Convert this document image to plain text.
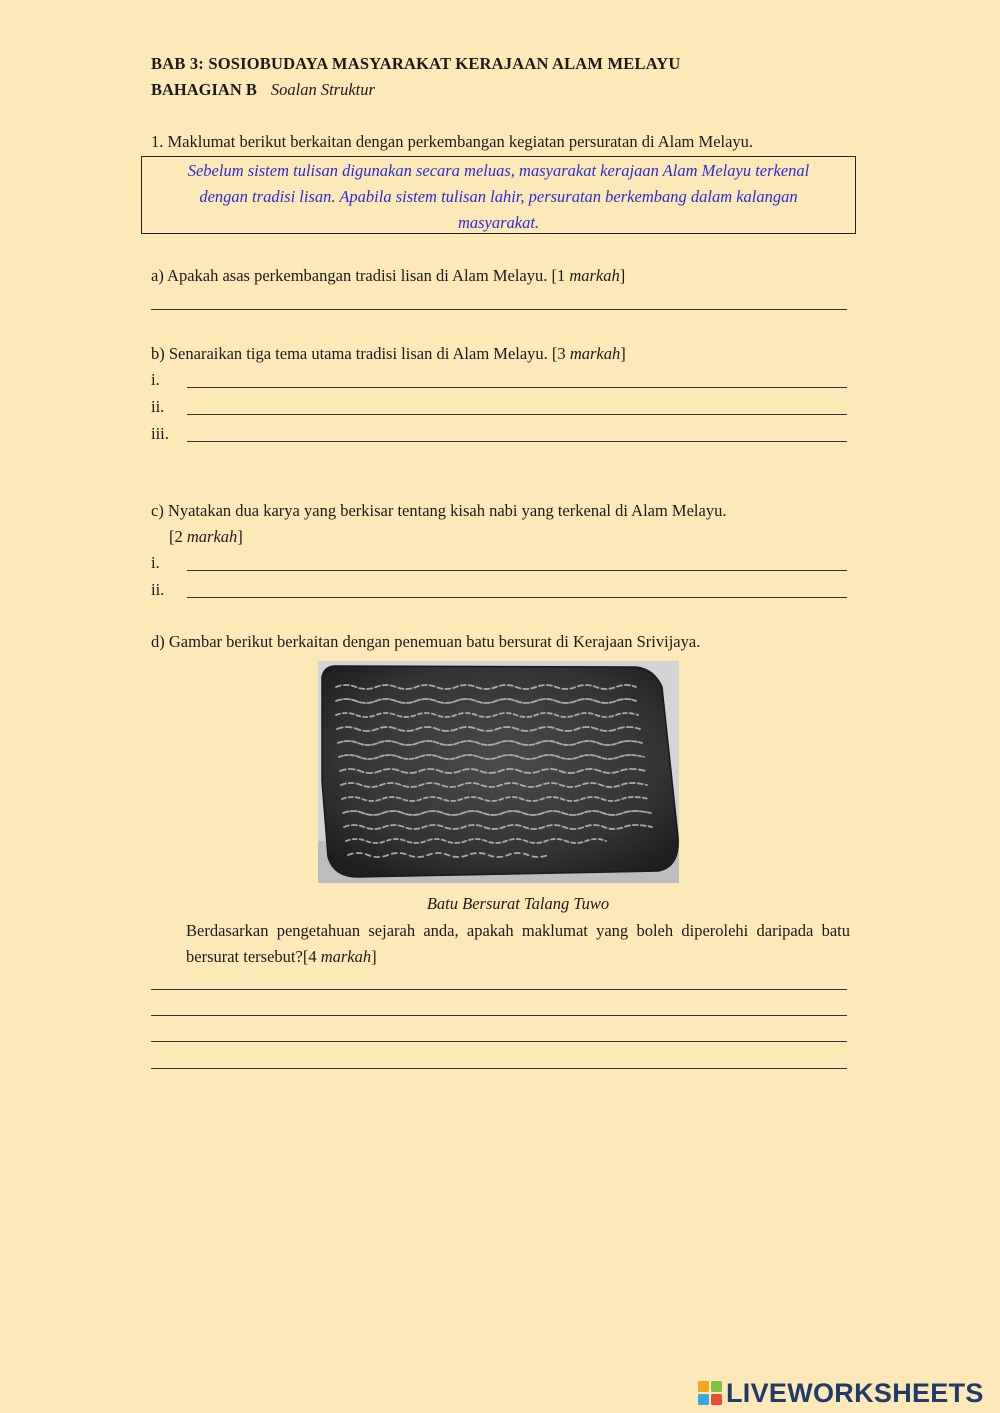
BAB 3: SOSIOBUDAYA MASYARAKAT KERAJAAN ALAM MELAYU
BAHAGIAN B Soalan Struktur
1. Maklumat berikut berkaitan dengan perkembangan kegiatan persuratan di Alam Melayu.
Sebelum sistem tulisan digunakan secara meluas, masyarakat kerajaan Alam Melayu terkenal
dengan tradisi lisan. Apabila sistem tulisan lahir, persuratan berkembang dalam kalangan
masyarakat.
a) Apakah asas perkembangan tradisi lisan di Alam Melayu. [1 markah]
b) Senaraikan tiga tema utama tradisi lisan di Alam Melayu. [3 markah]
i.
ii.
iii.
c) Nyatakan dua karya yang berkisar tentang kisah nabi yang terkenal di Alam Melayu.
[2 markah]
i.
ii.
d) Gambar berikut berkaitan dengan penemuan batu bersurat di Kerajaan Srivijaya.
Batu Bersurat Talang Tuwo
Berdasarkan pengetahuan sejarah anda, apakah maklumat yang boleh diperolehi daripada batu bersurat tersebut?[4 markah]
LIVEWORKSHEETS
